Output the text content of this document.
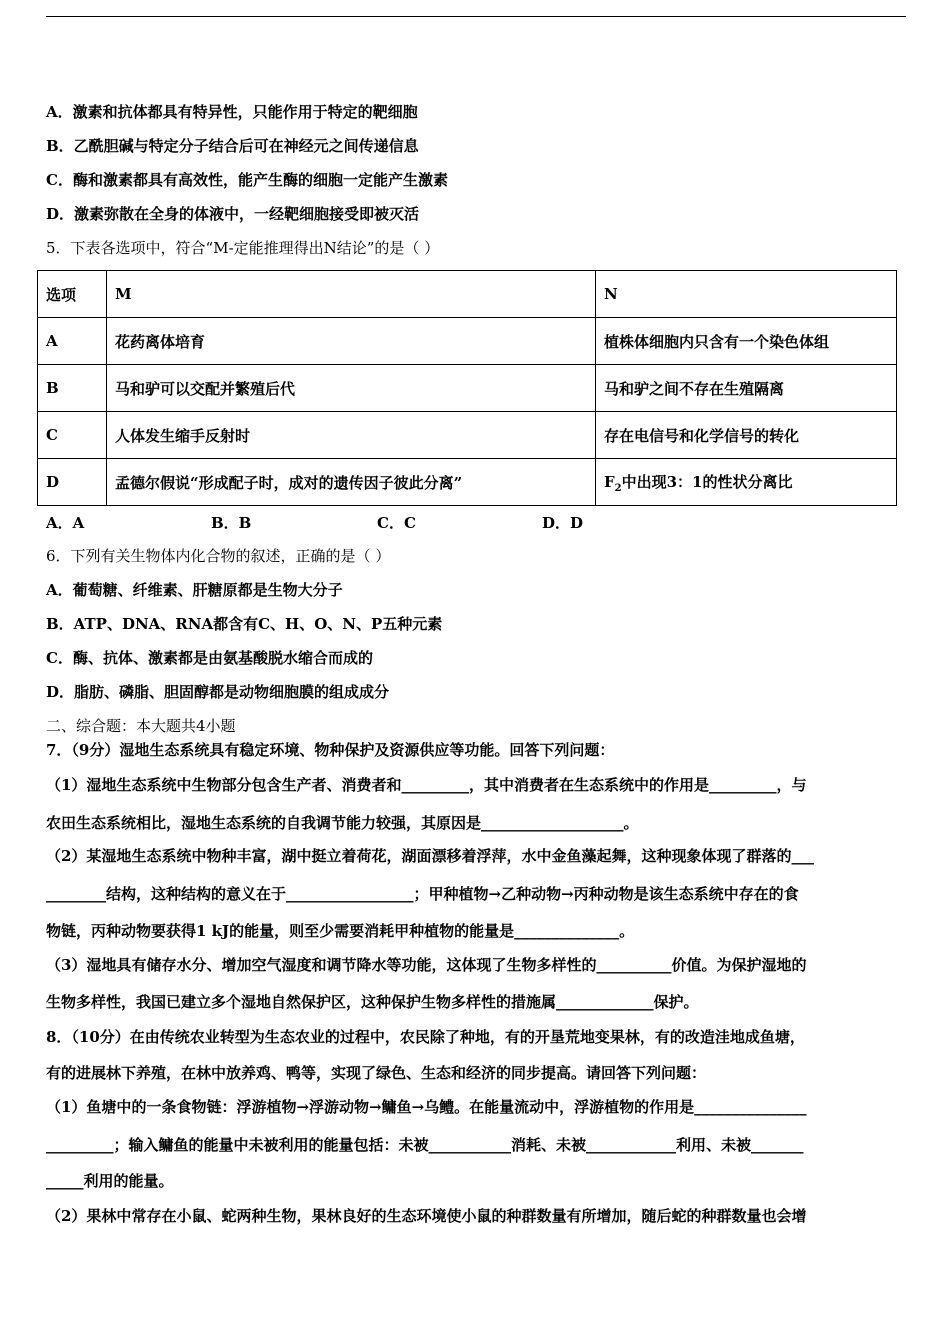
A．激素和抗体都具有特异性，只能作用于特定的靶细胞
B．乙酰胆碱与特定分子结合后可在神经元之间传递信息
C．酶和激素都具有高效性，能产生酶的细胞一定能产生激素
D．激素弥散在全身的体液中，一经靶细胞接受即被灭活
5．下表各选项中，符合“M-定能推理得出N结论”的是（ ）
选项	M	N
A	花药离体培育	植株体细胞内只含有一个染色体组
B	马和驴可以交配并繁殖后代	马和驴之间不存在生殖隔离
C	人体发生缩手反射时	存在电信号和化学信号的转化
D	孟德尔假说“形成配子时，成对的遗传因子彼此分离”	$F_2$中出现3：1的性状分离比
A．A	B．B	C．C	D．D
6．下列有关生物体内化合物的叙述，正确的是（ ）
A．葡萄糖、纤维素、肝糖原都是生物大分子
B．ATP、DNA、RNA都含有C、H、O、N、P五种元素
C．酶、抗体、激素都是由氨基酸脱水缩合而成的
D．脂肪、磷脂、胆固醇都是动物细胞膜的组成成分
二、综合题：本大题共4小题
7．（9分）湿地生态系统具有稳定环境、物种保护及资源供应等功能。回答下列问题：
（1）湿地生态系统中生物部分包含生产者、消费者和_________，其中消费者在生态系统中的作用是_________，与
农田生态系统相比，湿地生态系统的自我调节能力较强，其原因是___________________。
（2）某湿地生态系统中物种丰富，湖中挺立着荷花，湖面漂移着浮萍，水中金鱼藻起舞，这种现象体现了群落的___
________结构，这种结构的意义在于_________________；甲种植物→乙种动物→丙种动物是该生态系统中存在的食
物链，丙种动物要获得1 kJ的能量，则至少需要消耗甲种植物的能量是______________。
（3）湿地具有储存水分、增加空气湿度和调节降水等功能，这体现了生物多样性的__________价值。为保护湿地的
生物多样性，我国已建立多个湿地自然保护区，这种保护生物多样性的措施属_____________保护。
8．（10分）在由传统农业转型为生态农业的过程中，农民除了种地，有的开垦荒地变果林，有的改造洼地成鱼塘，
有的进展林下养殖，在林中放养鸡、鸭等，实现了绿色、生态和经济的同步提高。请回答下列问题：
（1）鱼塘中的一条食物链：浮游植物→浮游动物→鳙鱼→乌鳢。在能量流动中，浮游植物的作用是_______________
_________；输入鳙鱼的能量中未被利用的能量包括：未被___________消耗、未被____________利用、未被_______
_____利用的能量。
（2）果林中常存在小鼠、蛇两种生物，果林良好的生态环境使小鼠的种群数量有所增加，随后蛇的种群数量也会增
